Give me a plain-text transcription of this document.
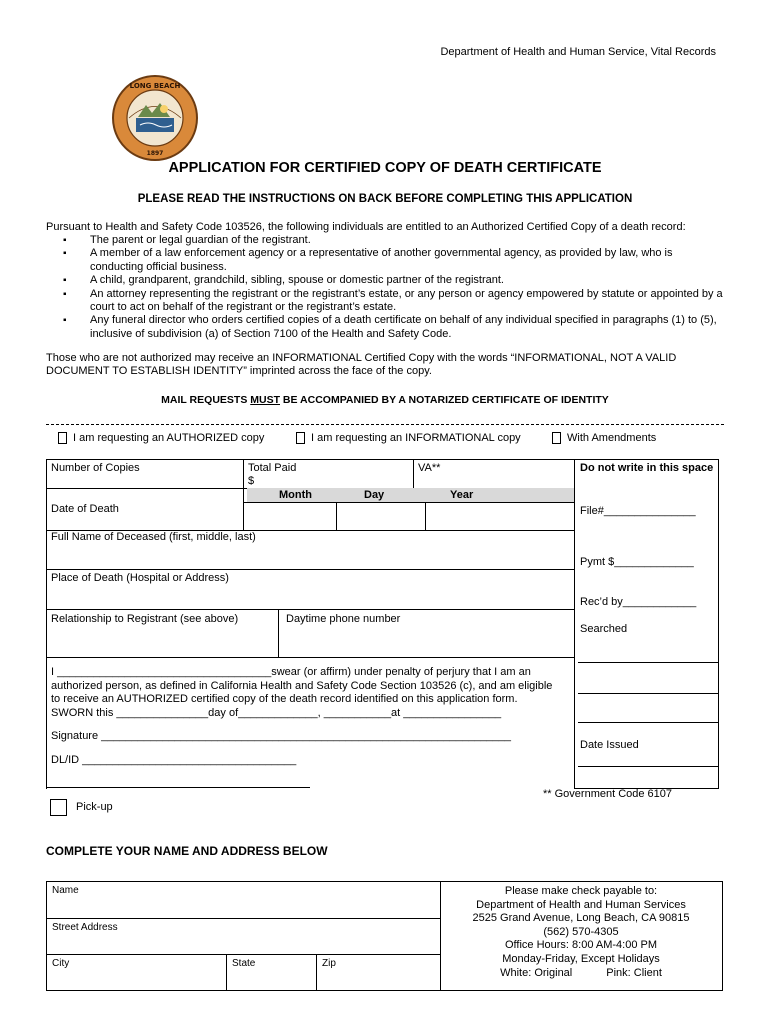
Department of Health and Human Service, Vital Records
LONG BEACH
1897
APPLICATION FOR CERTIFIED COPY OF DEATH CERTIFICATE
PLEASE READ THE INSTRUCTIONS ON BACK BEFORE COMPLETING THIS APPLICATION
Pursuant to Health and Safety Code 103526, the following individuals are entitled to an Authorized Certified Copy of a death record:
▪ The parent or legal guardian of the registrant.
▪ A member of a law enforcement agency or a representative of another governmental agency, as provided by law, who is conducting official business.
▪ A child, grandparent, grandchild, sibling, spouse or domestic partner of the registrant.
▪ An attorney representing the registrant or the registrant’s estate, or any person or agency empowered by statute or appointed by a court to act on behalf of the registrant or the registrant’s estate.
▪ Any funeral director who orders certified copies of a death certificate on behalf of any individual specified in paragraphs (1) to (5), inclusive of subdivision (a) of Section 7100 of the Health and Safety Code.
Those who are not authorized may receive an INFORMATIONAL Certified Copy with the words “INFORMATIONAL, NOT A VALID DOCUMENT TO ESTABLISH IDENTITY” imprinted across the face of the copy.
MAIL REQUESTS MUST BE ACCOMPANIED BY A NOTARIZED CERTIFICATE OF IDENTITY
I am requesting an AUTHORIZED copy	I am requesting an INFORMATIONAL copy	With Amendments
Number of Copies	Total Paid
$
VA**
Month	Day	Year
Date of Death
Full Name of Deceased (first, middle, last)
Place of Death (Hospital or Address)
Relationship to Registrant (see above)	Daytime phone number
Do not write in this space
File#_______________
Pymt $_____________
Rec’d by____________
Searched
Date Issued
I ___________________________________swear (or affirm) under penalty of perjury that I am an authorized person, as defined in California Health and Safety Code Section 103526 (c), and am eligible to receive an AUTHORIZED certified copy of the death record identified on this application form.
SWORN this _______________day of_____________, ___________at ________________
Signature ___________________________________________________________________
DL/ID ___________________________________
** Government Code 6107
Pick-up
COMPLETE YOUR NAME AND ADDRESS BELOW
Name
Street Address
City	State	Zip
Please make check payable to:
Department of Health and Human Services
2525 Grand Avenue, Long Beach, CA 90815
(562) 570-4305
Office Hours: 8:00 AM-4:00 PM
Monday-Friday, Except Holidays
White: Original	Pink: Client
